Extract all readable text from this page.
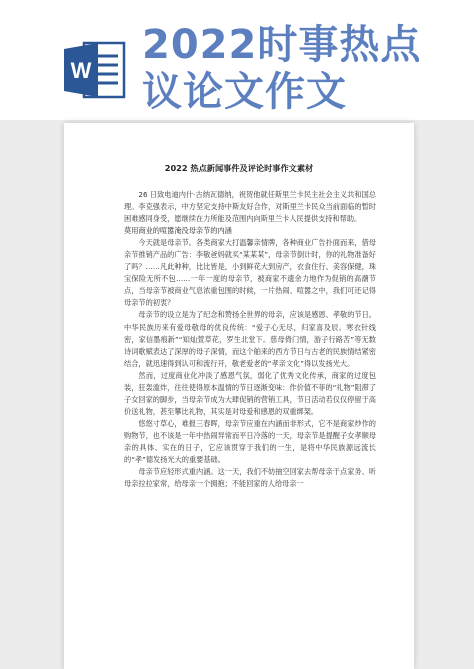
W
2022时事热点议论文作文
2022 热点新闻事件及评论时事作文素材

26 日致电迪内什·古纳瓦德纳，祝贺他就任斯里兰卡民主社会主义共和国总理。李克强表示，中方坚定支持中斯友好合作，对斯里兰卡民众当前面临的暂时困难感同身受，愿继续在力所能及范围内向斯里兰卡人民提供支持和帮助。

莫用商业的喧嚣淹没母亲节的内涵

今天就是母亲节。各类商家大打温馨亲情牌，各种商业广告扑面而来，借母亲节推销产品的广告：李敬爸妈就买“某某某”，母亲节倒计时，你的礼物准备好了吗？……凡此种种，比比皆是，小到鲜花大到房产，衣食住行、美容保健，珠宝保险无所不包……一年一度的母亲节，被商家不遗余力地作为促销的高潮节点，当母亲节被商业气息浓重包围的时候，一片热闹、喧嚣之中，我们可还记得母亲节的初衷？

母亲节的设立是为了纪念和赞扬全世界的母亲，应该是感恩、孝敬的节日。中华民族历来有爱母敬母的优良传统：“爱子心无尽，归家喜及辰。寒衣针线密，家信墨痕新”“知灿萱草花，罗生北堂下。慈母倚门情，游子行路苦”等无数诗词歌赋表达了深厚的母子深情，而这个舶来的西方节日与古老的民族情结紧密结合，就迅速得到认可和流行开，敬老爱老的“孝亲文化”得以发扬光大。

然而，过度商业化冲淡了感恩气氛，弱化了优秀文化传承，商家的过度包装，狂轰滥炸，往往使得原本温情的节日逐渐变味：作价值不菲的“礼物”阻滞了子女回家的脚步，当母亲节成为大肆促销的营销工具，节日活动若仅仅停留于高价送礼物，甚至攀比礼物，其实是对母爱和感恩的双重绑架。

悠悠寸草心，难报三春晖，母亲节应重在内涵而非形式，它不是商家炒作的购物节，也不该是一年中热闹异常而平日冷落的一天，母亲节是提醒子女孝顺母亲的具体、实在的日子，它应该贯穿于我们的一生，是将中华民族源远流长的“孝”德发扬光大的重要基础。

母亲节应轻形式重内涵。这一天，我们不妨抽空回家去帮母亲干点家务、听母亲拉拉家常，给母亲一个拥抱；不能回家的人给母亲一
